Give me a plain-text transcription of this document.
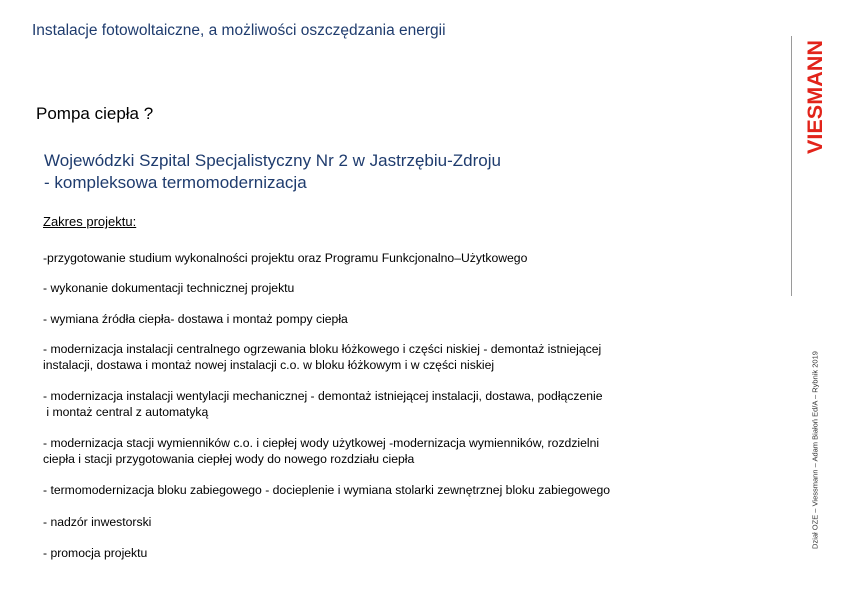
Instalacje fotowoltaiczne, a możliwości oszczędzania energii
VIESMANN
Pompa ciepła ?
Wojewódzki Szpital Specjalistyczny Nr 2 w Jastrzębiu-Zdroju
- kompleksowa termomodernizacja
Zakres projektu:
-przygotowanie studium wykonalności projektu oraz Programu Funkcjonalno–Użytkowego
- wykonanie dokumentacji technicznej projektu
- wymiana źródła ciepła- dostawa i montaż pompy ciepła
- modernizacja instalacji centralnego ogrzewania bloku łóżkowego i części niskiej - demontaż istniejącej
instalacji, dostawa i montaż nowej instalacji c.o. w bloku łóżkowym i w części niskiej
- modernizacja instalacji wentylacji mechanicznej - demontaż istniejącej instalacji, dostawa, podłączenie
i montaż central z automatyką
- modernizacja stacji wymienników c.o. i ciepłej wody użytkowej -modernizacja wymienników, rozdzielni
ciepła i stacji przygotowania ciepłej wody do nowego rozdziału ciepła
- termomodernizacja bloku zabiegowego - docieplenie i wymiana stolarki zewnętrznej bloku zabiegowego
- nadzór inwestorski
- promocja projektu
Dział OZE – Viessmann – Adam Białoń Ed/A – Rybnik 2019
